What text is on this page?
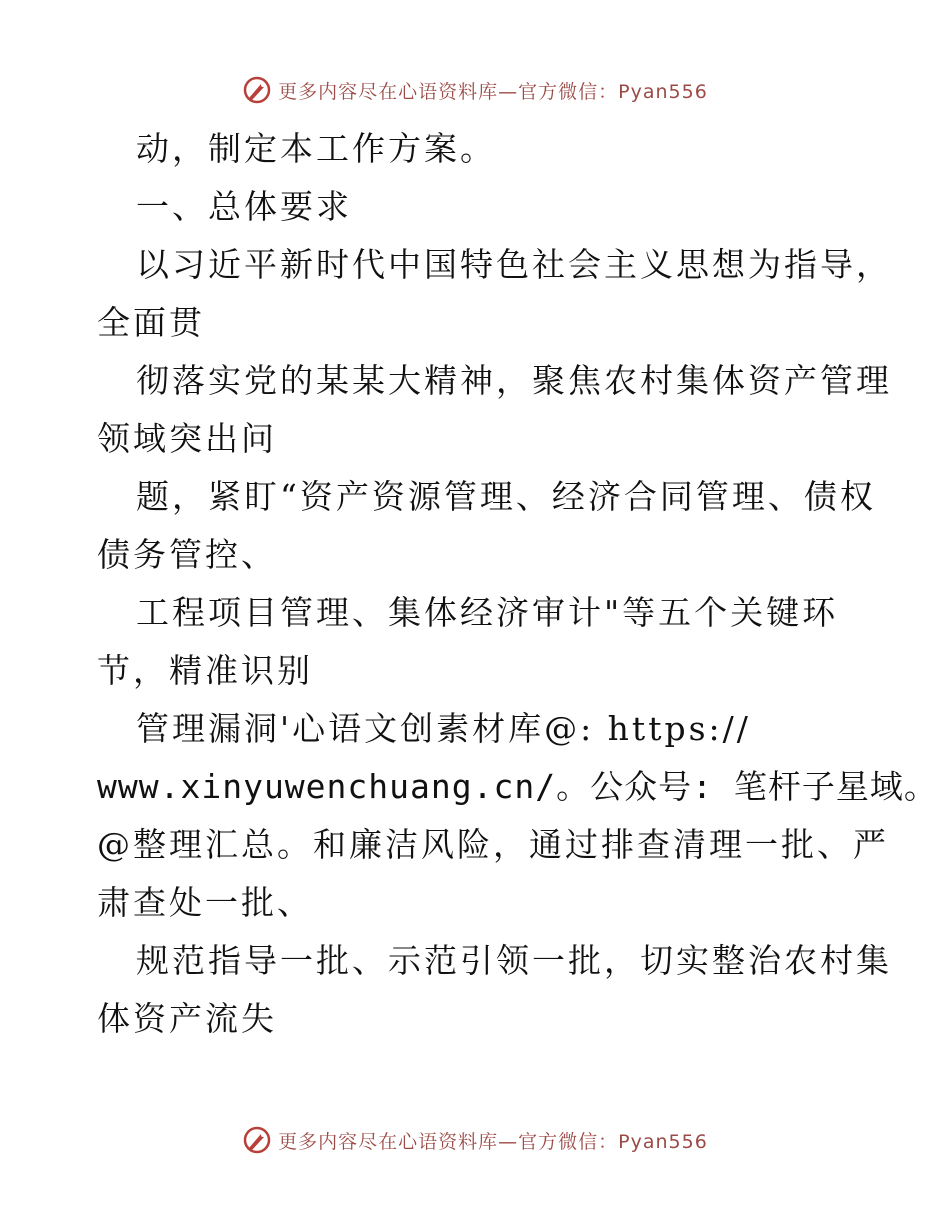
更多内容尽在心语资料库—官方微信：Pyan556
动，制定本工作方案。
一、总体要求
以习近平新时代中国特色社会主义思想为指导，
全面贯
彻落实党的某某大精神，聚焦农村集体资产管理
领域突出问
题，紧盯“资产资源管理、经济合同管理、债权
债务管控、
工程项目管理、集体经济审计"等五个关键环
节，精准识别
管理漏洞'心语文创素材库@: https://
www.xinyuwenchuang.cn/。公众号: 笔杆子星域。
@整理汇总。和廉洁风险，通过排查清理一批、严
肃查处一批、
规范指导一批、示范引领一批，切实整治农村集
体资产流失
更多内容尽在心语资料库—官方微信：Pyan556
